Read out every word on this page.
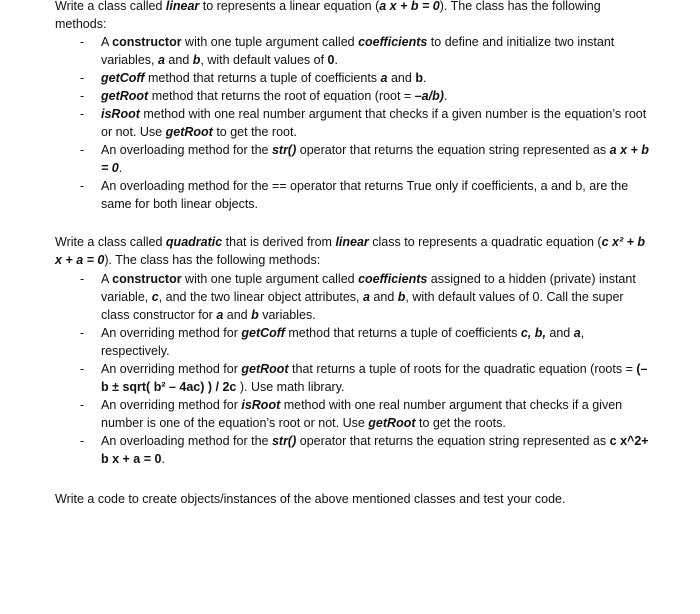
Write a class called linear to represents a linear equation (a x + b = 0). The class has the following methods:

- A constructor with one tuple argument called coefficients to define and initialize two instant variables, a and b, with default values of 0.
- getCoff method that returns a tuple of coefficients a and b.
- getRoot method that returns the root of equation (root = –a/b).
- isRoot method with one real number argument that checks if a given number is the equation’s root or not. Use getRoot to get the root.
- An overloading method for the str() operator that returns the equation string represented as a x + b = 0.
- An overloading method for the == operator that returns True only if coefficients, a and b, are the same for both linear objects.

Write a class called quadratic that is derived from linear class to represents a quadratic equation (c x² + b x + a = 0). The class has the following methods:

- A constructor with one tuple argument called coefficients assigned to a hidden (private) instant variable, c, and the two linear object attributes, a and b, with default values of 0. Call the super class constructor for a and b variables.
- An overriding method for getCoff method that returns a tuple of coefficients c, b, and a, respectively.
- An overriding method for getRoot that returns a tuple of roots for the quadratic equation (roots = (–b ± sqrt( b² – 4ac) ) / 2c ). Use math library.
- An overriding method for isRoot method with one real number argument that checks if a given number is one of the equation’s root or not. Use getRoot to get the roots.
- An overloading method for the str() operator that returns the equation string represented as c x^2+ b x + a = 0.

Write a code to create objects/instances of the above mentioned classes and test your code.
